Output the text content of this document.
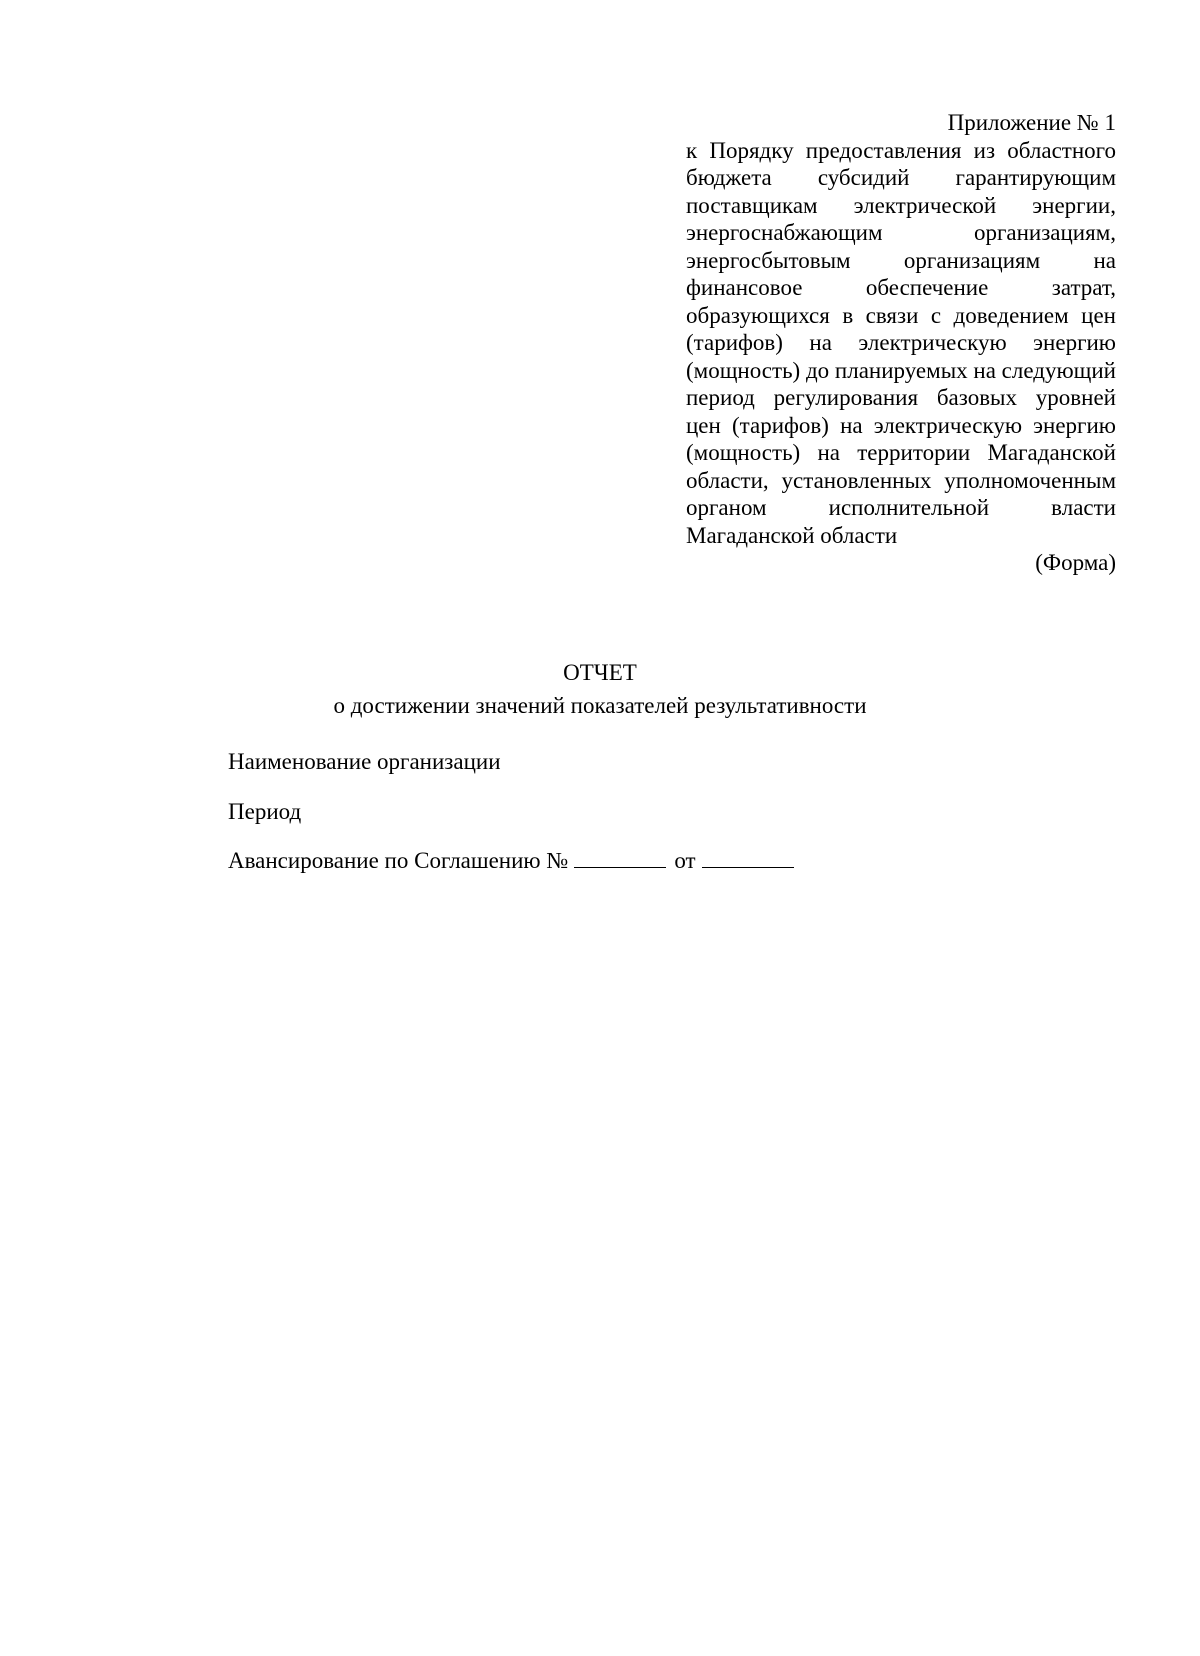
Приложение № 1
к Порядку предоставления из областного бюджета субсидий гарантирующим поставщикам электрической энергии, энергоснабжающим организациям, энергосбытовым организациям на финансовое обеспечение затрат, образующихся в связи с доведением цен (тарифов) на электрическую энергию (мощность) до планируемых на следующий период регулирования базовых уровней цен (тарифов) на электрическую энергию (мощность) на территории Магаданской области, установленных уполномоченным органом исполнительной власти Магаданской области
(Форма)
ОТЧЕТ
о достижении значений показателей результативности
Наименование организации
Период
Авансирование по Соглашению №	от
